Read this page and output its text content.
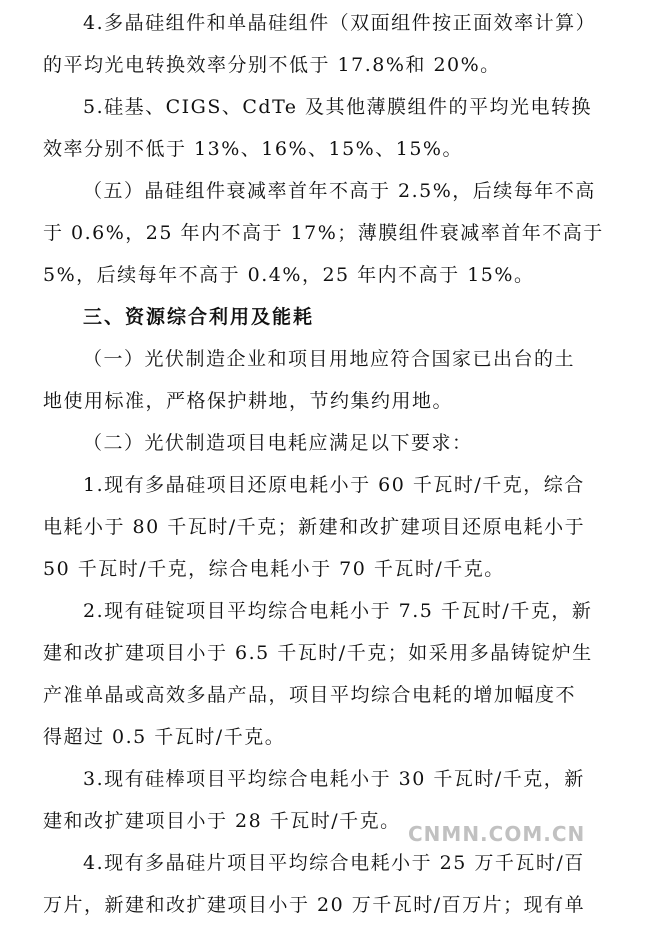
4.多晶硅组件和单晶硅组件（双面组件按正面效率计算）
的平均光电转换效率分别不低于 17.8%和 20%。
5.硅基、CIGS、CdTe 及其他薄膜组件的平均光电转换
效率分别不低于 13%、16%、15%、15%。
（五）晶硅组件衰减率首年不高于 2.5%，后续每年不高
于 0.6%，25 年内不高于 17%；薄膜组件衰减率首年不高于
5%，后续每年不高于 0.4%，25 年内不高于 15%。
三、资源综合利用及能耗
（一）光伏制造企业和项目用地应符合国家已出台的土
地使用标准，严格保护耕地，节约集约用地。
（二）光伏制造项目电耗应满足以下要求：
1.现有多晶硅项目还原电耗小于 60 千瓦时/千克，综合
电耗小于 80 千瓦时/千克；新建和改扩建项目还原电耗小于
50 千瓦时/千克，综合电耗小于 70 千瓦时/千克。
2.现有硅锭项目平均综合电耗小于 7.5 千瓦时/千克，新
建和改扩建项目小于 6.5 千瓦时/千克；如采用多晶铸锭炉生
产准单晶或高效多晶产品，项目平均综合电耗的增加幅度不
得超过 0.5 千瓦时/千克。
3.现有硅棒项目平均综合电耗小于 30 千瓦时/千克，新
建和改扩建项目小于 28 千瓦时/千克。
4.现有多晶硅片项目平均综合电耗小于 25 万千瓦时/百
万片，新建和改扩建项目小于 20 万千瓦时/百万片；现有单
CNMN.COM.CN
